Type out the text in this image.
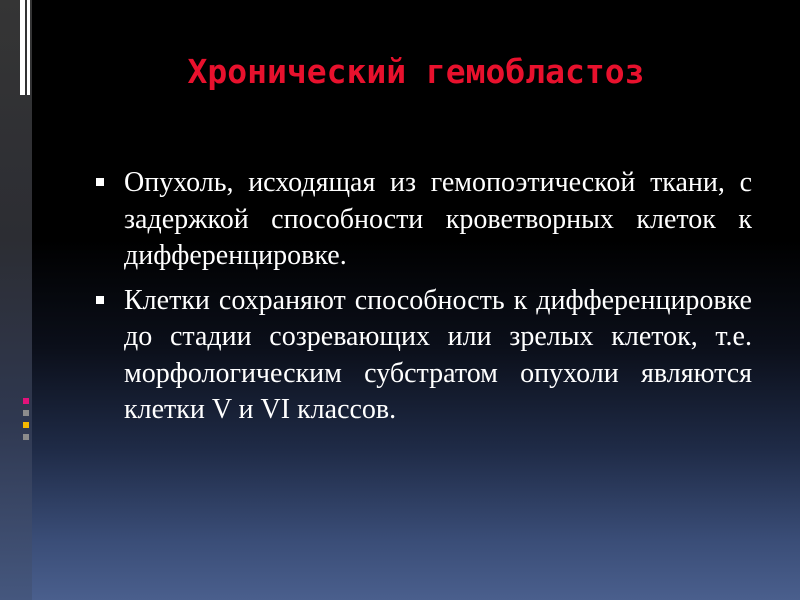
Хронический гемобластоз
Опухоль, исходящая из гемопоэтической ткани, с задержкой способности кроветворных клеток к дифференцировке.
Клетки сохраняют способность к дифференцировке до стадии созревающих или зрелых клеток, т.е. морфологическим субстратом опухоли являются клетки V и VI классов.
